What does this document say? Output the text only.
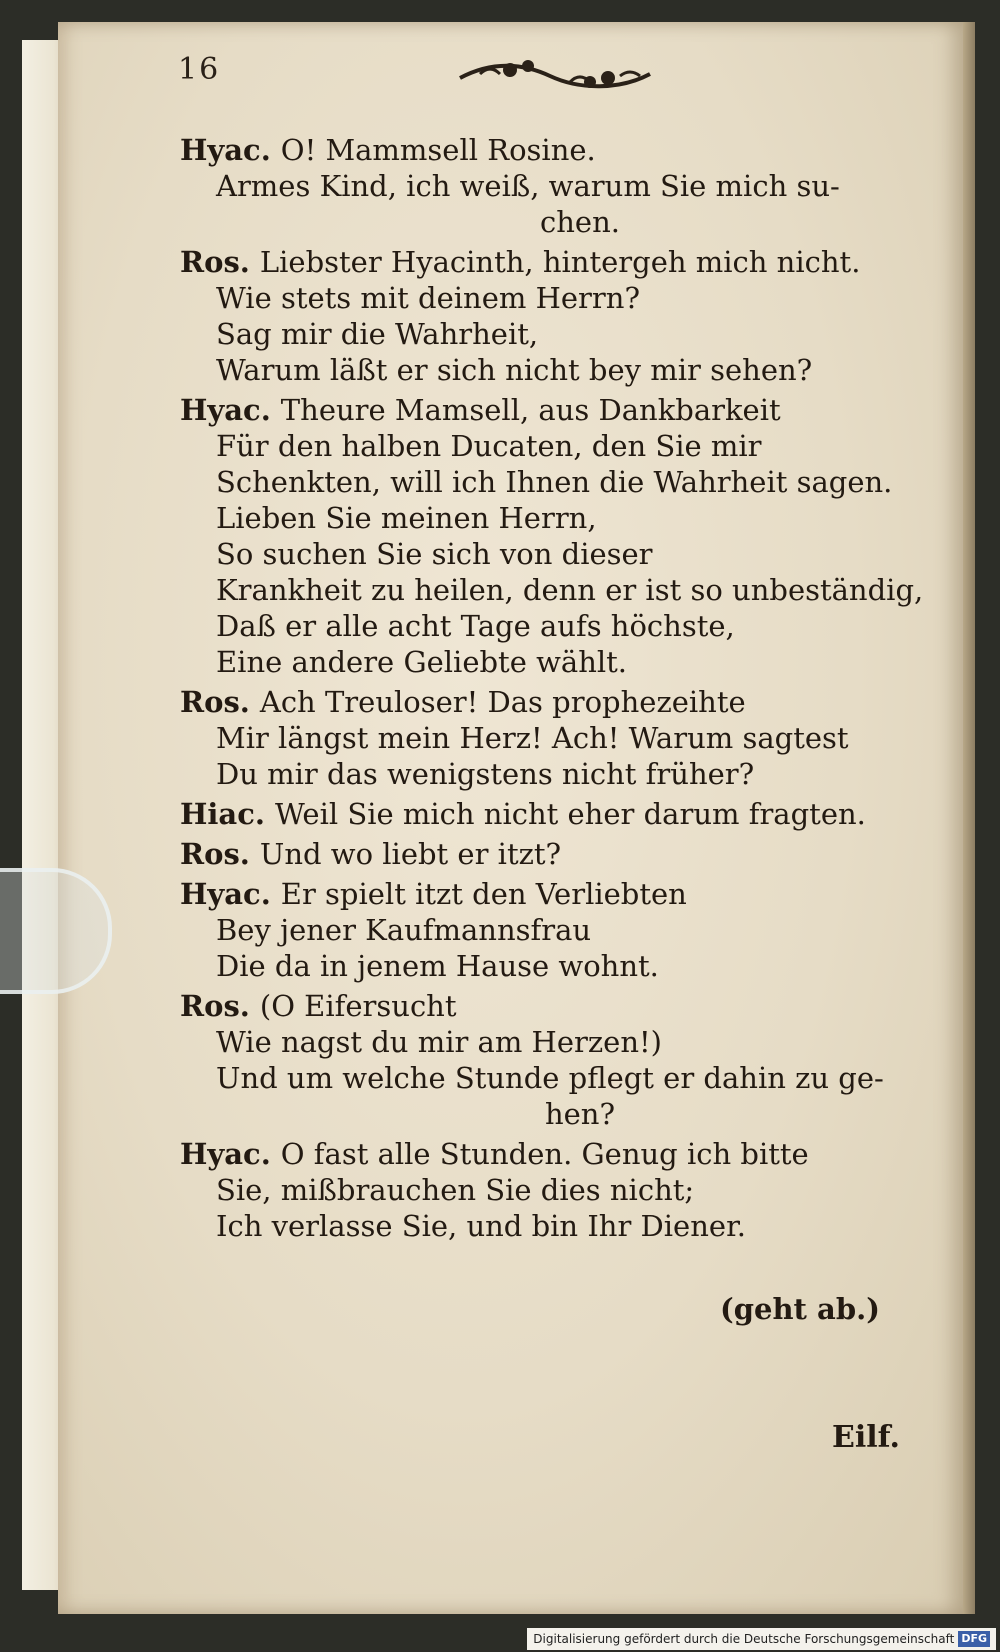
16
Hyac. O! Mammsell Rosine.
Armes Kind, ich weiß, warum Sie mich su-
chen.
Ros. Liebster Hyacinth, hintergeh mich nicht.
Wie stets mit deinem Herrn?
Sag mir die Wahrheit,
Warum läßt er sich nicht bey mir sehen?
Hyac. Theure Mamsell, aus Dankbarkeit
Für den halben Ducaten, den Sie mir
Schenkten, will ich Ihnen die Wahrheit sagen.
Lieben Sie meinen Herrn,
So suchen Sie sich von dieser
Krankheit zu heilen, denn er ist so unbeständig,
Daß er alle acht Tage aufs höchste,
Eine andere Geliebte wählt.
Ros. Ach Treuloser! Das prophezeihte
Mir längst mein Herz! Ach! Warum sagtest
Du mir das wenigstens nicht früher?
Hiac. Weil Sie mich nicht eher darum fragten.
Ros. Und wo liebt er itzt?
Hyac. Er spielt itzt den Verliebten
Bey jener Kaufmannsfrau
Die da in jenem Hause wohnt.
Ros. (O Eifersucht
Wie nagst du mir am Herzen!)
Und um welche Stunde pflegt er dahin zu ge-
hen?
Hyac. O fast alle Stunden. Genug ich bitte
Sie, mißbrauchen Sie dies nicht;
Ich verlasse Sie, und bin Ihr Diener.
(geht ab.)
Eilf.
Digitalisierung gefördert durch die Deutsche Forschungsgemeinschaft DFG
